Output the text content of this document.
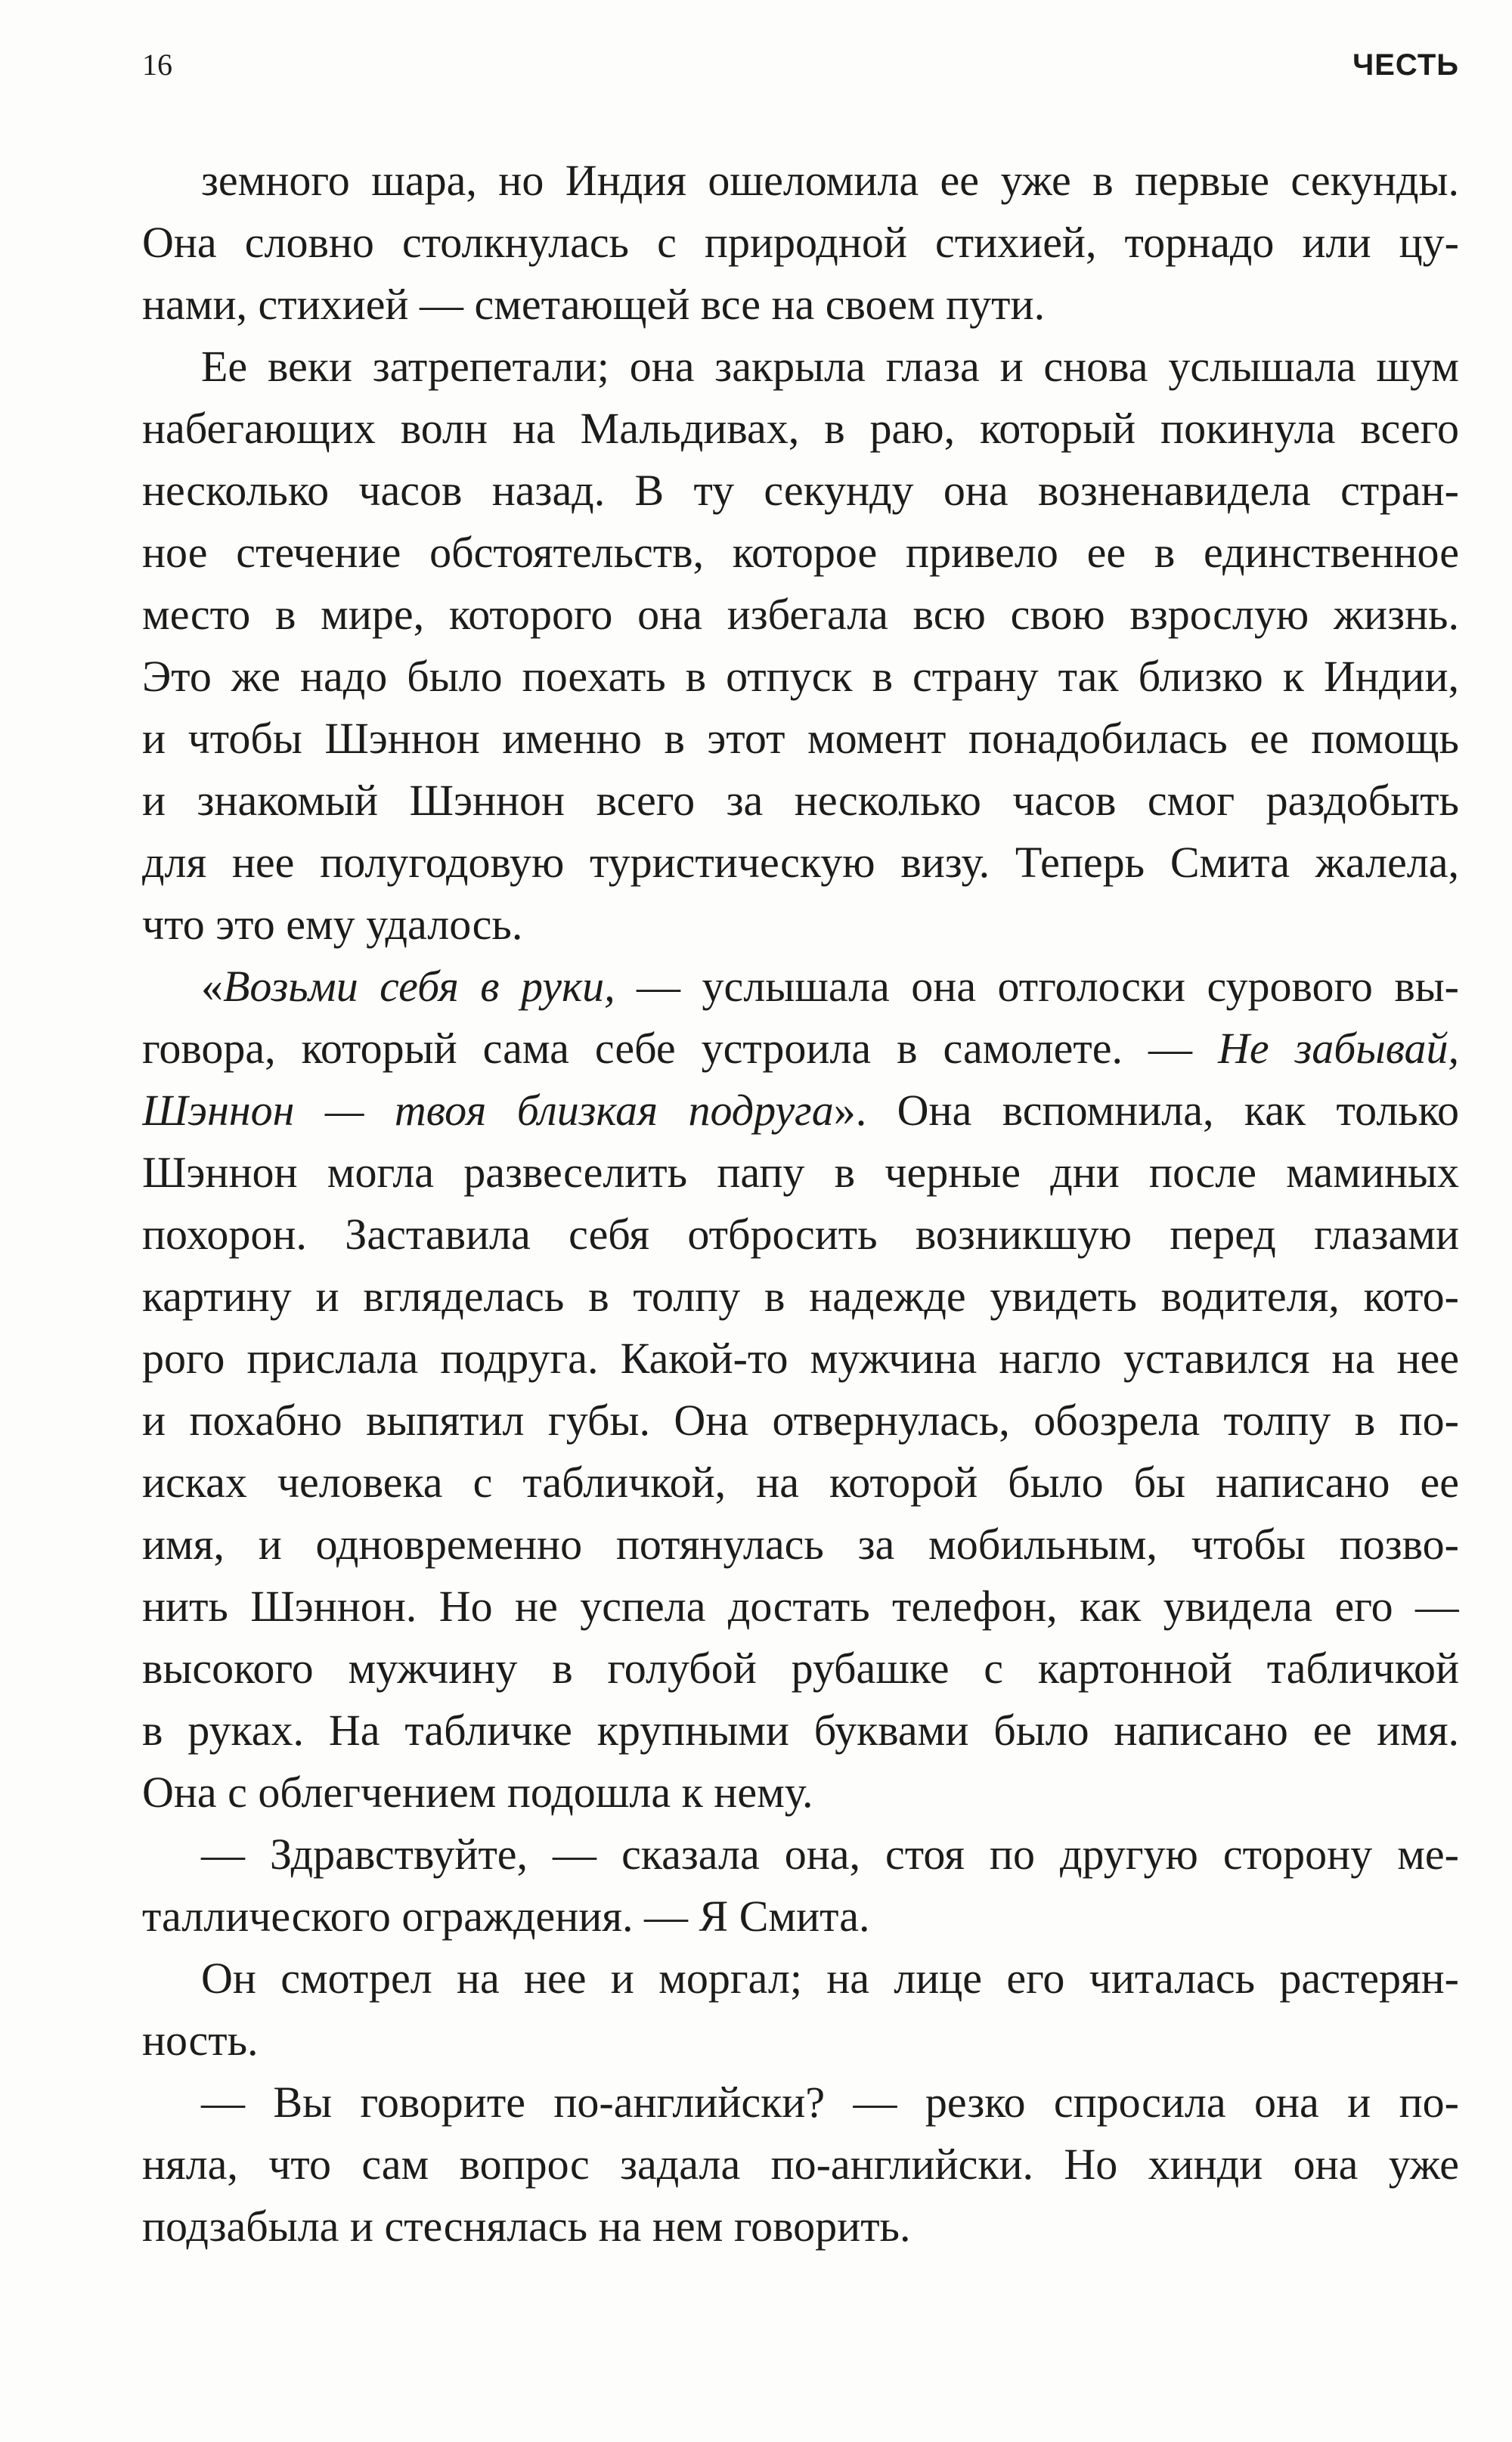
16	ЧЕСТЬ
земного шара, но Индия ошеломила ее уже в первые секунды.
Она словно столкнулась с природной стихией, торнадо или цу-
нами, стихией — сметающей все на своем пути.
Ее веки затрепетали; она закрыла глаза и снова услышала шум
набегающих волн на Мальдивах, в раю, который покинула всего
несколько часов назад. В ту секунду она возненавидела стран-
ное стечение обстоятельств, которое привело ее в единственное
место в мире, которого она избегала всю свою взрослую жизнь.
Это же надо было поехать в отпуск в страну так близко к Индии,
и чтобы Шэннон именно в этот момент понадобилась ее помощь
и знакомый Шэннон всего за несколько часов смог раздобыть
для нее полугодовую туристическую визу. Теперь Смита жалела,
что это ему удалось.
«Возьми себя в руки, — услышала она отголоски сурового вы-
говора, который сама себе устроила в самолете. — Не забывай,
Шэннон — твоя близкая подруга». Она вспомнила, как только
Шэннон могла развеселить папу в черные дни после маминых
похорон. Заставила себя отбросить возникшую перед глазами
картину и вгляделась в толпу в надежде увидеть водителя, кото-
рого прислала подруга. Какой-то мужчина нагло уставился на нее
и похабно выпятил губы. Она отвернулась, обозрела толпу в по-
исках человека с табличкой, на которой было бы написано ее
имя, и одновременно потянулась за мобильным, чтобы позво-
нить Шэннон. Но не успела достать телефон, как увидела его —
высокого мужчину в голубой рубашке с картонной табличкой
в руках. На табличке крупными буквами было написано ее имя.
Она с облегчением подошла к нему.
— Здравствуйте, — сказала она, стоя по другую сторону ме-
таллического ограждения. — Я Смита.
Он смотрел на нее и моргал; на лице его читалась растерян-
ность.
— Вы говорите по-английски? — резко спросила она и по-
няла, что сам вопрос задала по-английски. Но хинди она уже
подзабыла и стеснялась на нем говорить.
